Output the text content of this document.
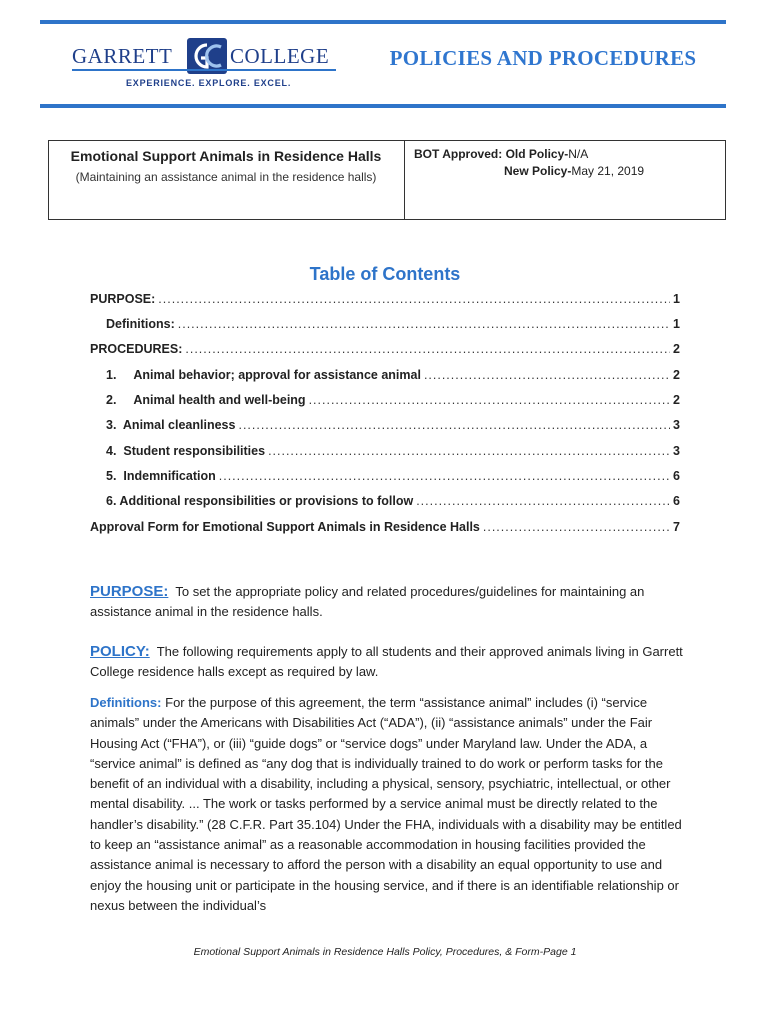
GARRETT	COLLEGE
EXPERIENCE. EXPLORE. EXCEL.
POLICIES AND PROCEDURES
Emotional Support Animals in Residence Halls
(Maintaining an assistance animal in the residence halls)
BOT Approved: Old Policy-N/A
New Policy-May 21, 2019
Table of Contents
PURPOSE: .....	1
Definitions: .....	1
PROCEDURES: .....	2
1.     Animal behavior; approval for assistance animal .....	2
2.     Animal health and well-being .....	2
3.  Animal cleanliness .....	3
4.  Student responsibilities .....	3
5.  Indemnification .....	6
6. Additional responsibilities or provisions to follow .....	6
Approval Form for Emotional Support Animals in Residence Halls .....	7
PURPOSE: To set the appropriate policy and related procedures/guidelines for maintaining an assistance animal in the residence halls.
POLICY: The following requirements apply to all students and their approved animals living in Garrett College residence halls except as required by law.
Definitions: For the purpose of this agreement, the term “assistance animal” includes (i) “service animals” under the Americans with Disabilities Act (“ADA”), (ii) “assistance animals” under the Fair Housing Act (“FHA”), or (iii) “guide dogs” or “service dogs” under Maryland law. Under the ADA, a “service animal” is defined as “any dog that is individually trained to do work or perform tasks for the benefit of an individual with a disability, including a physical, sensory, psychiatric, intellectual, or other mental disability. ... The work or tasks performed by a service animal must be directly related to the handler’s disability.” (28 C.F.R. Part 35.104) Under the FHA, individuals with a disability may be entitled to keep an “assistance animal” as a reasonable accommodation in housing facilities provided the assistance animal is necessary to afford the person with a disability an equal opportunity to use and enjoy the housing unit or participate in the housing service, and if there is an identifiable relationship or nexus between the individual’s
Emotional Support Animals in Residence Halls Policy, Procedures, & Form-Page 1
